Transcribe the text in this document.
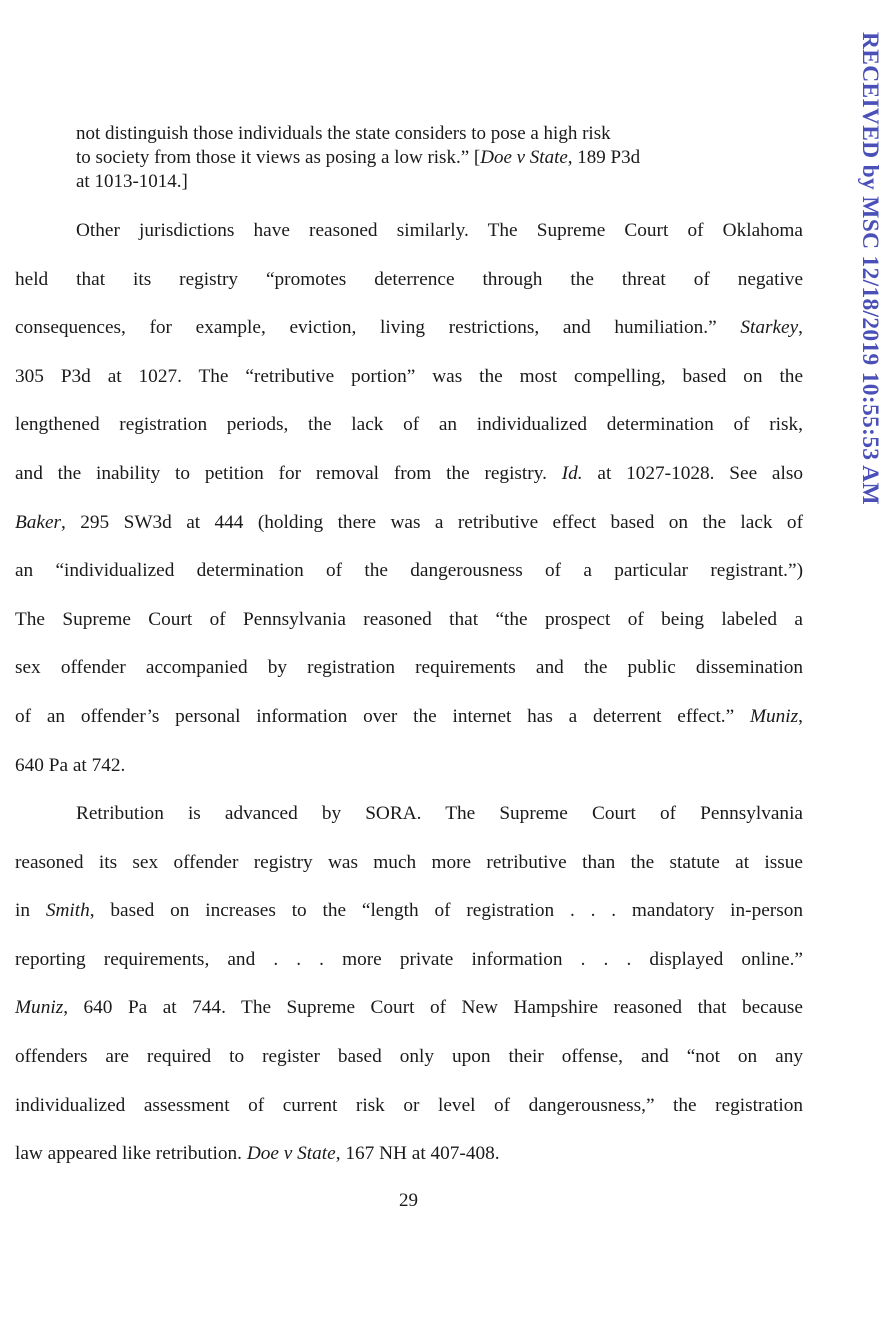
RECEIVED by MSC 12/18/2019 10:55:53 AM
not distinguish those individuals the state considers to pose a high risk
to society from those it views as posing a low risk.” [Doe v State, 189 P3d
at 1013-1014.]
Other jurisdictions have reasoned similarly. The Supreme Court of Oklahoma
held that its registry “promotes deterrence through the threat of negative
consequences, for example, eviction, living restrictions, and humiliation.” Starkey,
305 P3d at 1027. The “retributive portion” was the most compelling, based on the
lengthened registration periods, the lack of an individualized determination of risk,
and the inability to petition for removal from the registry. Id. at 1027-1028. See also
Baker, 295 SW3d at 444 (holding there was a retributive effect based on the lack of
an “individualized determination of the dangerousness of a particular registrant.”)
The Supreme Court of Pennsylvania reasoned that “the prospect of being labeled a
sex offender accompanied by registration requirements and the public dissemination
of an offender’s personal information over the internet has a deterrent effect.” Muniz,
640 Pa at 742.
Retribution is advanced by SORA. The Supreme Court of Pennsylvania
reasoned its sex offender registry was much more retributive than the statute at issue
in Smith, based on increases to the “length of registration . . . mandatory in-person
reporting requirements, and . . . more private information . . . displayed online.”
Muniz, 640 Pa at 744. The Supreme Court of New Hampshire reasoned that because
offenders are required to register based only upon their offense, and “not on any
individualized assessment of current risk or level of dangerousness,” the registration
law appeared like retribution. Doe v State, 167 NH at 407-408.
29
